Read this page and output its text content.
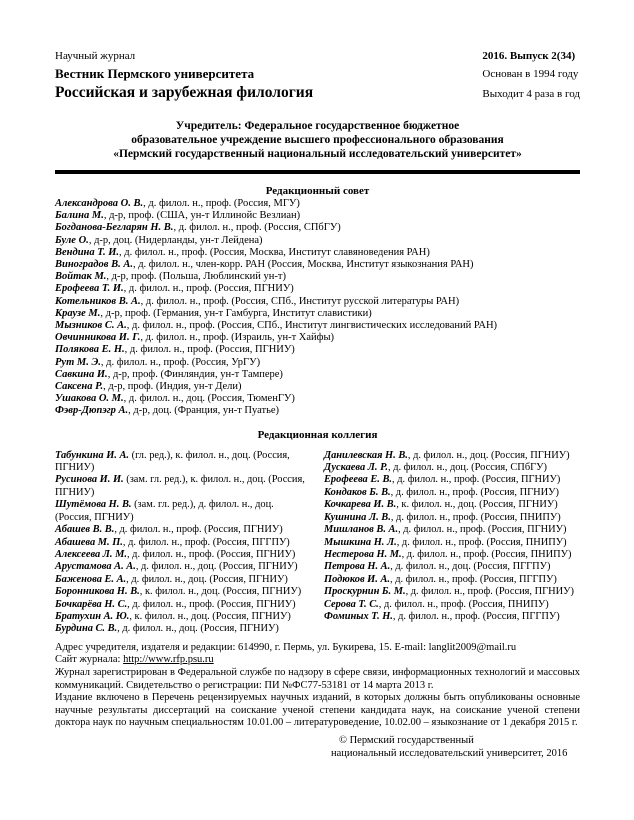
Научный журнал
Вестник Пермского университета
Российская и зарубежная филология
2016. Выпуск 2(34)
Основан в 1994 году
Выходит 4 раза в год
Учредитель: Федеральное государственное бюджетное
образовательное учреждение высшего профессионального образования
«Пермский государственный национальный исследовательский университет»
Редакционный совет
Александрова О. В., д. филол. н., проф. (Россия, МГУ)
Балина М., д-р, проф. (США, ун-т Иллинойс Везлиан)
Богданова-Бегларян Н. В., д. филол. н., проф. (Россия, СПбГУ)
Буле О., д-р, доц. (Нидерланды, ун-т Лейдена)
Вендина Т. И., д. филол. н., проф. (Россия, Москва, Институт славяноведения РАН)
Виноградов В. А., д. филол. н., член-корр. РАН (Россия, Москва, Институт языкознания РАН)
Войтак М., д-р, проф. (Польша, Люблинский ун-т)
Ерофеева Т. И., д. филол. н., проф. (Россия, ПГНИУ)
Котельников В. А., д. филол. н., проф. (Россия, СПб., Институт русской литературы РАН)
Краузе М., д-р, проф. (Германия, ун-т Гамбурга, Институт славистики)
Мызников С. А., д. филол. н., проф. (Россия, СПб., Институт лингвистических исследований РАН)
Овчинникова И. Г., д. филол. н., проф. (Израиль, ун-т Хайфы)
Полякова Е. Н., д. филол. н., проф. (Россия, ПГНИУ)
Рут М. Э., д. филол. н., проф. (Россия, УрГУ)
Савкина И., д-р, проф. (Финляндия, ун-т Тампере)
Саксена Р., д-р, проф. (Индия, ун-т Дели)
Ушакова О. М., д. филол. н., доц. (Россия, ТюменГУ)
Фэвр-Дюпэгр А., д-р, доц. (Франция, ун-т Пуатье)
Редакционная коллегия
Табункина И. А. (гл. ред.), к. филол. н., доц. (Россия, ПГНИУ)
Русинова И. И. (зам. гл. ред.), к. филол. н., доц. (Россия, ПГНИУ)
Шутёмова Н. В. (зам. гл. ред.), д. филол. н., доц. (Россия, ПГНИУ)
Абашев В. В., д. филол. н., проф. (Россия, ПГНИУ)
Абашева М. П., д. филол. н., проф. (Россия, ПГГПУ)
Алексеева Л. М., д. филол. н., проф. (Россия, ПГНИУ)
Арустамова А. А., д. филол. н., доц. (Россия, ПГНИУ)
Баженова Е. А., д. филол. н., доц. (Россия, ПГНИУ)
Боронникова Н. В., к. филол. н., доц. (Россия, ПГНИУ)
Бочкарёва Н. С., д. филол. н., проф. (Россия, ПГНИУ)
Братухин А. Ю., к. филол. н., доц. (Россия, ПГНИУ)
Бурдина С. В., д. филол. н., доц. (Россия, ПГНИУ)
Данилевская Н. В., д. филол. н., доц. (Россия, ПГНИУ)
Дускаева Л. Р., д. филол. н., доц. (Россия, СПбГУ)
Ерофеева Е. В., д. филол. н., проф. (Россия, ПГНИУ)
Кондаков Б. В., д. филол. н., проф. (Россия, ПГНИУ)
Кочкарева И. В., к. филол. н., доц. (Россия, ПГНИУ)
Кушнина Л. В., д. филол. н., проф. (Россия, ПНИПУ)
Мишланов В. А., д. филол. н., проф. (Россия, ПГНИУ)
Мышкина Н. Л., д. филол. н., проф. (Россия, ПНИПУ)
Нестерова Н. М., д. филол. н., проф. (Россия, ПНИПУ)
Петрова Н. А., д. филол. н., доц. (Россия, ПГГПУ)
Подюков И. А., д. филол. н., проф. (Россия, ПГГПУ)
Проскурнин Б. М., д. филол. н., проф. (Россия, ПГНИУ)
Серова Т. С., д. филол. н., проф. (Россия, ПНИПУ)
Фоминых Т. Н., д. филол. н., проф. (Россия, ПГГПУ)
Адрес учредителя, издателя и редакции: 614990, г. Пермь, ул. Букирева, 15. E-mail: langlit2009@mail.ru
Сайт журнала: http://www.rfp.psu.ru
Журнал зарегистрирован в Федеральной службе по надзору в сфере связи, информационных технологий и массовых коммуникаций. Свидетельство о регистрации: ПИ №ФС77-53181 от 14 марта 2013 г.
Издание включено в Перечень рецензируемых научных изданий, в которых должны быть опубликованы основные научные результаты диссертаций на соискание ученой степени кандидата наук, на соискание ученой степени доктора наук по научным специальностям 10.01.00 – литературоведение, 10.02.00 – языкознание от 1 декабря 2015 г.
© Пермский государственный
национальный исследовательский университет, 2016
